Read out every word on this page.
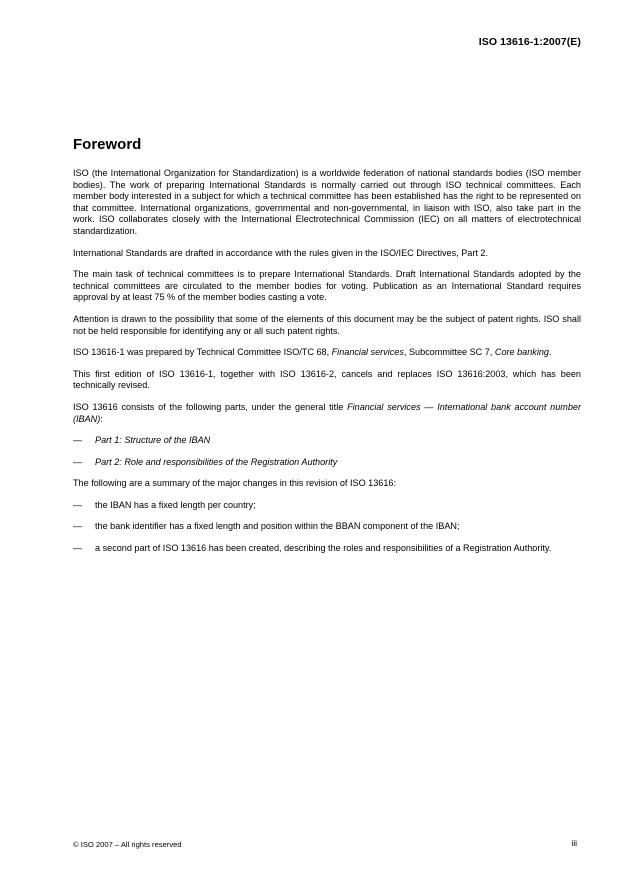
ISO 13616-1:2007(E)
Foreword

ISO (the International Organization for Standardization) is a worldwide federation of national standards bodies (ISO member bodies). The work of preparing International Standards is normally carried out through ISO technical committees. Each member body interested in a subject for which a technical committee has been established has the right to be represented on that committee. International organizations, governmental and non-governmental, in liaison with ISO, also take part in the work. ISO collaborates closely with the International Electrotechnical Commission (IEC) on all matters of electrotechnical standardization.

International Standards are drafted in accordance with the rules given in the ISO/IEC Directives, Part 2.

The main task of technical committees is to prepare International Standards. Draft International Standards adopted by the technical committees are circulated to the member bodies for voting. Publication as an International Standard requires approval by at least 75 % of the member bodies casting a vote.

Attention is drawn to the possibility that some of the elements of this document may be the subject of patent rights. ISO shall not be held responsible for identifying any or all such patent rights.

ISO 13616-1 was prepared by Technical Committee ISO/TC 68, Financial services, Subcommittee SC 7, Core banking.

This first edition of ISO 13616-1, together with ISO 13616-2, cancels and replaces ISO 13616:2003, which has been technically revised.

ISO 13616 consists of the following parts, under the general title Financial services — International bank account number (IBAN):

—	Part 1: Structure of the IBAN
—	Part 2: Role and responsibilities of the Registration Authority

The following are a summary of the major changes in this revision of ISO 13616:

—	the IBAN has a fixed length per country;
—	the bank identifier has a fixed length and position within the BBAN component of the IBAN;
—	a second part of ISO 13616 has been created, describing the roles and responsibilities of a Registration Authority.
© ISO 2007 – All rights reserved	iii
